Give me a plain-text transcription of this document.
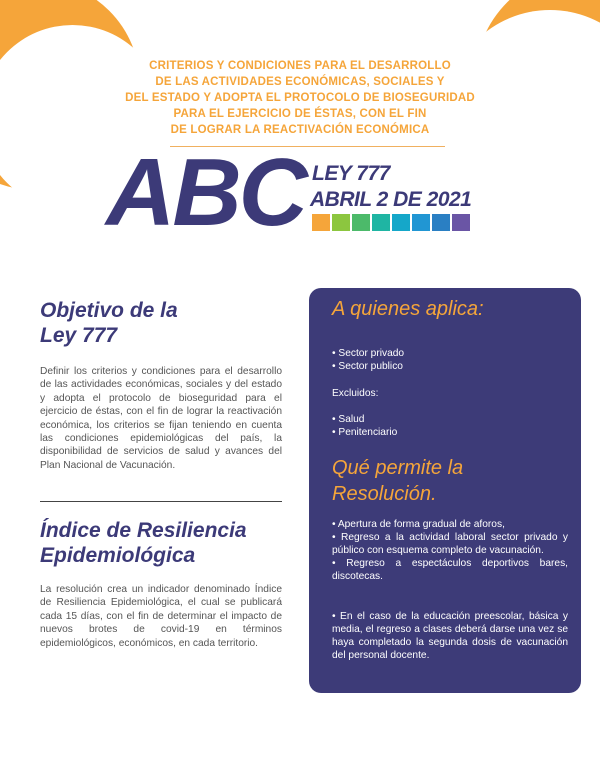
CRITERIOS Y CONDICIONES PARA EL DESARROLLO
DE LAS ACTIVIDADES ECONÓMICAS, SOCIALES Y
DEL ESTADO Y ADOPTA EL PROTOCOLO DE BIOSEGURIDAD
PARA EL EJERCICIO DE ÉSTAS, CON EL FIN
DE LOGRAR LA REACTIVACIÓN ECONÓMICA
ABC LEY 777
ABRIL 2 DE 2021
Objetivo de la
Ley 777

Definir los criterios y condiciones para el desarrollo de las actividades económicas, sociales y del estado y adopta el protocolo de bioseguridad para el ejercicio de éstas, con el fin de lograr la reactivación económica, los criterios se fijan teniendo en cuenta las condiciones epidemiológicas del país, la disponibilidad de servicios de salud y avances del Plan Nacional de Vacunación.

Índice de Resiliencia
Epidemiológica

La resolución crea un indicador denominado Índice de Resiliencia Epidemiológica, el cual se publicará cada 15 días, con el fin de determinar el impacto de nuevos brotes de covid-19 en términos epidemiológicos, económicos, en cada territorio.

A quienes aplica:
• Sector privado
• Sector publico
Excluidos:
• Salud
• Penitenciario
Qué permite la
Resolución.
• Apertura de forma gradual de aforos,
• Regreso a la actividad laboral sector privado y público con esquema completo de vacunación.
• Regreso a espectáculos deportivos bares, discotecas.
• En el caso de la educación preescolar, básica y media, el regreso a clases deberá darse una vez se haya completado la segunda dosis de vacunación del personal docente.
